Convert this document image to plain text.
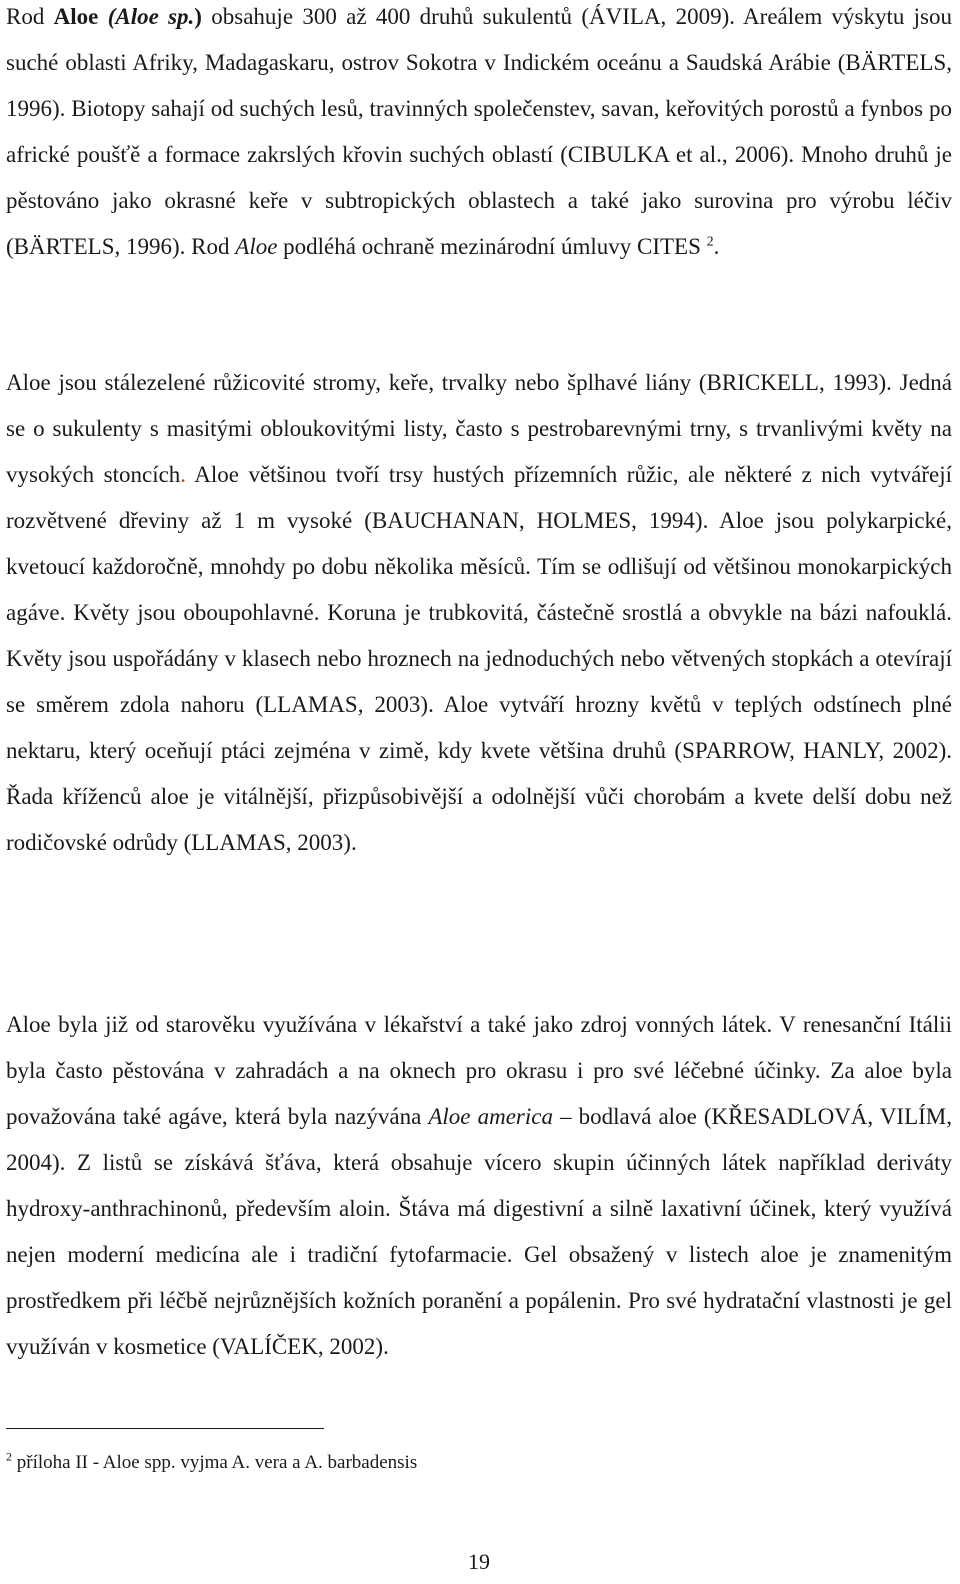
Rod Aloe (Aloe sp.) obsahuje 300 až 400 druhů sukulentů (ÁVILA, 2009). Areálem výskytu jsou suché oblasti Afriky, Madagaskaru, ostrov Sokotra v Indickém oceánu a Saudská Arábie (BÄRTELS, 1996). Biotopy sahají od suchých lesů, travinných společenstev, savan, keřovitých porostů a fynbos po africké poušťě a formace zakrslých křovin suchých oblastí (CIBULKA et al., 2006). Mnoho druhů je pěstováno jako okrasné keře v subtropických oblastech a také jako surovina pro výrobu léčiv (BÄRTELS, 1996). Rod Aloe podléhá ochraně mezinárodní úmluvy CITES $^2$.

Aloe jsou stálezelené růžicovité stromy, keře, trvalky nebo šplhavé liány (BRICKELL, 1993). Jedná se o sukulenty s masitými obloukovitými listy, často s pestrobarevnými trny, s trvanlivými květy na vysokých stoncích. Aloe většinou tvoří trsy hustých přízemních růžic, ale některé z nich vytvářejí rozvětvené dřeviny až 1 m vysoké (BAUCHANAN, HOLMES, 1994). Aloe jsou polykarpické, kvetoucí každoročně, mnohdy po dobu několika měsíců. Tím se odlišují od většinou monokarpických agáve. Květy jsou oboupohlavné. Koruna je trubkovitá, částečně srostlá a obvykle na bázi nafouklá. Květy jsou uspořádány v klasech nebo hroznech na jednoduchých nebo větvených stopkách a otevírají se směrem zdola nahoru (LLAMAS, 2003). Aloe vytváří hrozny květů v teplých odstínech plné nektaru, který oceňují ptáci zejména v zimě, kdy kvete většina druhů (SPARROW, HANLY, 2002). Řada kříženců aloe je vitálnější, přizpůsobivější a odolnější vůči chorobám a kvete delší dobu než rodičovské odrůdy (LLAMAS, 2003).

Aloe byla již od starověku využívána v lékařství a také jako zdroj vonných látek. V renesanční Itálii byla často pěstována v zahradách a na oknech pro okrasu i pro své léčebné účinky. Za aloe byla považována také agáve, která byla nazývána Aloe america – bodlavá aloe (KŘESADLOVÁ, VILÍM, 2004). Z listů se získává šťáva, která obsahuje vícero skupin účinných látek například deriváty hydroxy-anthrachinonů, především aloin. Štáva má digestivní a silně laxativní účinek, který využívá nejen moderní medicína ale i tradiční fytofarmacie. Gel obsažený v listech aloe je znamenitým prostředkem při léčbě nejrůznějších kožních poranění a popálenin. Pro své hydratační vlastnosti je gel využíván v kosmetice (VALÍČEK, 2002).

$^2$ příloha II - Aloe spp. vyjma A. vera a A. barbadensis
19
